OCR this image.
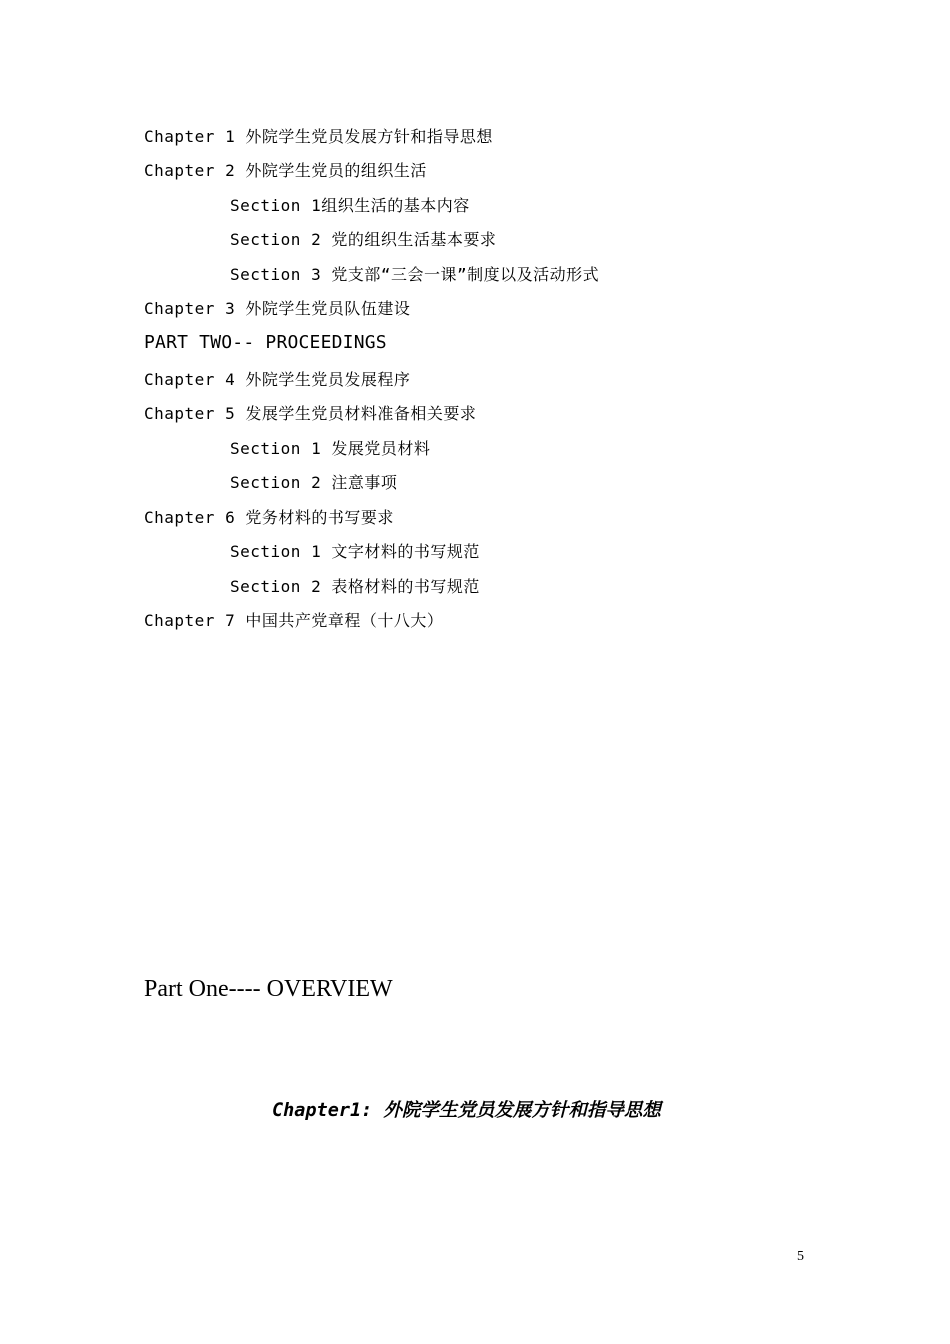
Chapter 1 外院学生党员发展方针和指导思想
Chapter 2 外院学生党员的组织生活
Section 1组织生活的基本内容
Section 2 党的组织生活基本要求
Section 3 党支部“三会一课”制度以及活动形式
Chapter 3 外院学生党员队伍建设
PART TWO-- PROCEEDINGS
Chapter 4 外院学生党员发展程序
Chapter 5 发展学生党员材料准备相关要求
Section 1 发展党员材料
Section 2 注意事项
Chapter 6 党务材料的书写要求
Section 1 文字材料的书写规范
Section 2 表格材料的书写规范
Chapter 7 中国共产党章程（十八大）
Part One---- OVERVIEW
Chapter1: 外院学生党员发展方针和指导思想
5
